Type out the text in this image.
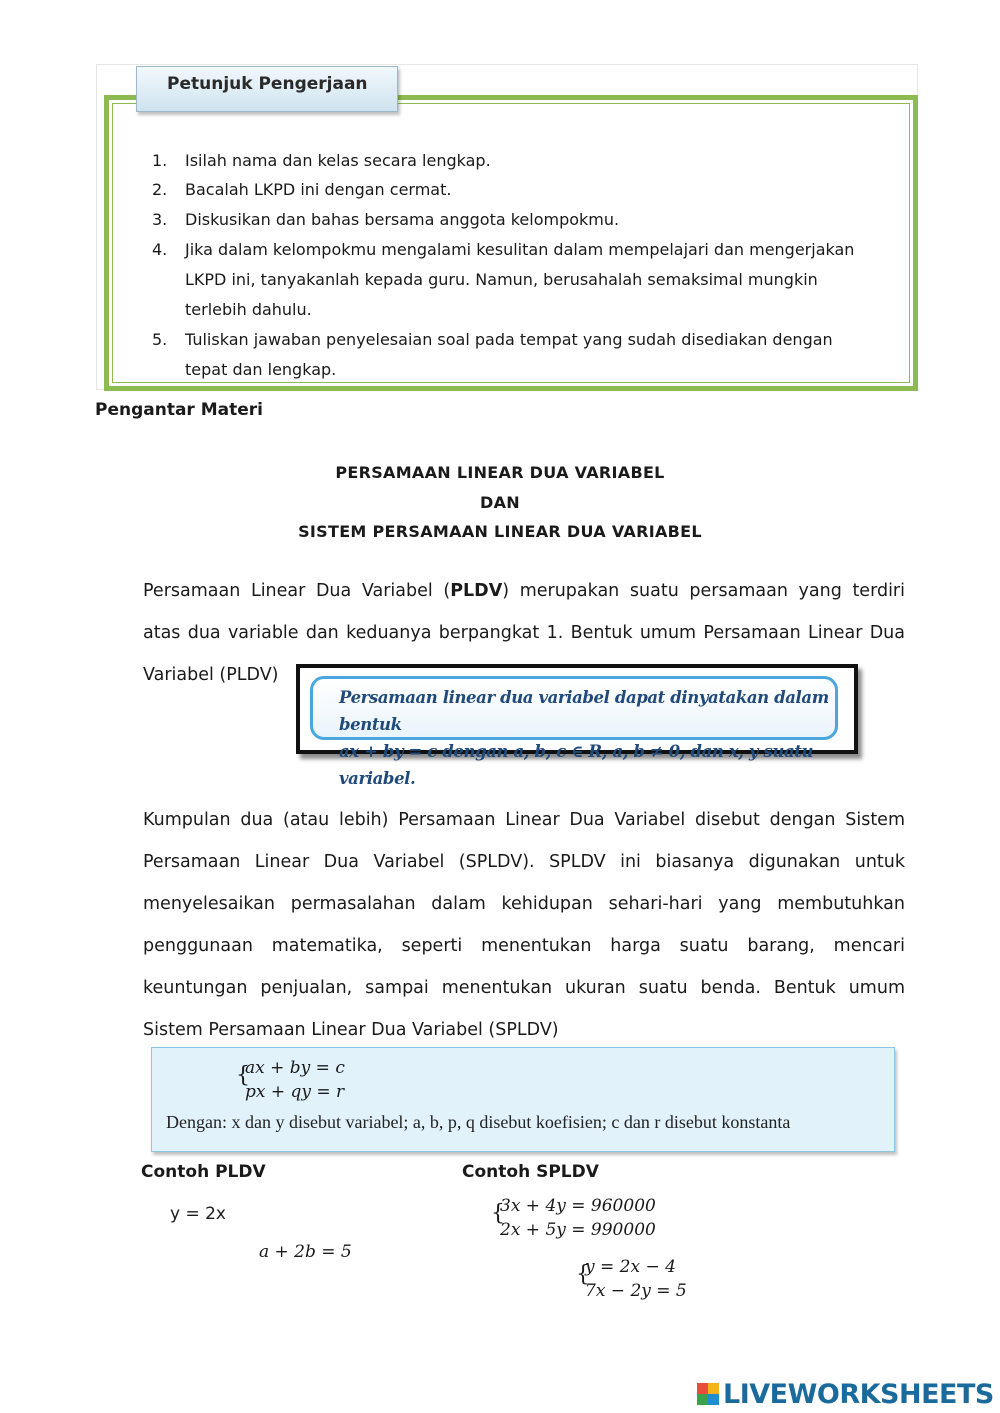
Petunjuk Pengerjaan
1. Isilah nama dan kelas secara lengkap.
2. Bacalah LKPD ini dengan cermat.
3. Diskusikan dan bahas bersama anggota kelompokmu.
4. Jika dalam kelompokmu mengalami kesulitan dalam mempelajari dan mengerjakan
LKPD ini, tanyakanlah kepada guru. Namun, berusahalah semaksimal mungkin
terlebih dahulu.
5. Tuliskan jawaban penyelesaian soal pada tempat yang sudah disediakan dengan
tepat dan lengkap.
Pengantar Materi
PERSAMAAN LINEAR DUA VARIABEL
DAN
SISTEM PERSAMAAN LINEAR DUA VARIABEL
Persamaan Linear Dua Variabel (PLDV) merupakan suatu persamaan yang terdiri
atas dua variable dan keduanya berpangkat 1. Bentuk umum Persamaan Linear Dua
Variabel (PLDV)
Persamaan linear dua variabel dapat dinyatakan dalam bentuk
ax + by = c dengan a, b, c ∈ R, a, b ≠ 0, dan x, y suatu variabel.
Kumpulan dua (atau lebih) Persamaan Linear Dua Variabel disebut dengan Sistem
Persamaan Linear Dua Variabel (SPLDV). SPLDV ini biasanya digunakan untuk
menyelesaikan permasalahan dalam kehidupan sehari-hari yang membutuhkan
penggunaan matematika, seperti menentukan harga suatu barang, mencari
keuntungan penjualan, sampai menentukan ukuran suatu benda. Bentuk umum
Sistem Persamaan Linear Dua Variabel (SPLDV)
{
ax + by = c
px + qy = r
Dengan: x dan y disebut variabel; a, b, p, q disebut koefisien; c dan r disebut konstanta
Contoh PLDV
y = 2x
a + 2b = 5
Contoh SPLDV
{
3x + 4y = 960000
2x + 5y = 990000
{
y = 2x − 4
7x − 2y = 5
LIVEWORKSHEETS
